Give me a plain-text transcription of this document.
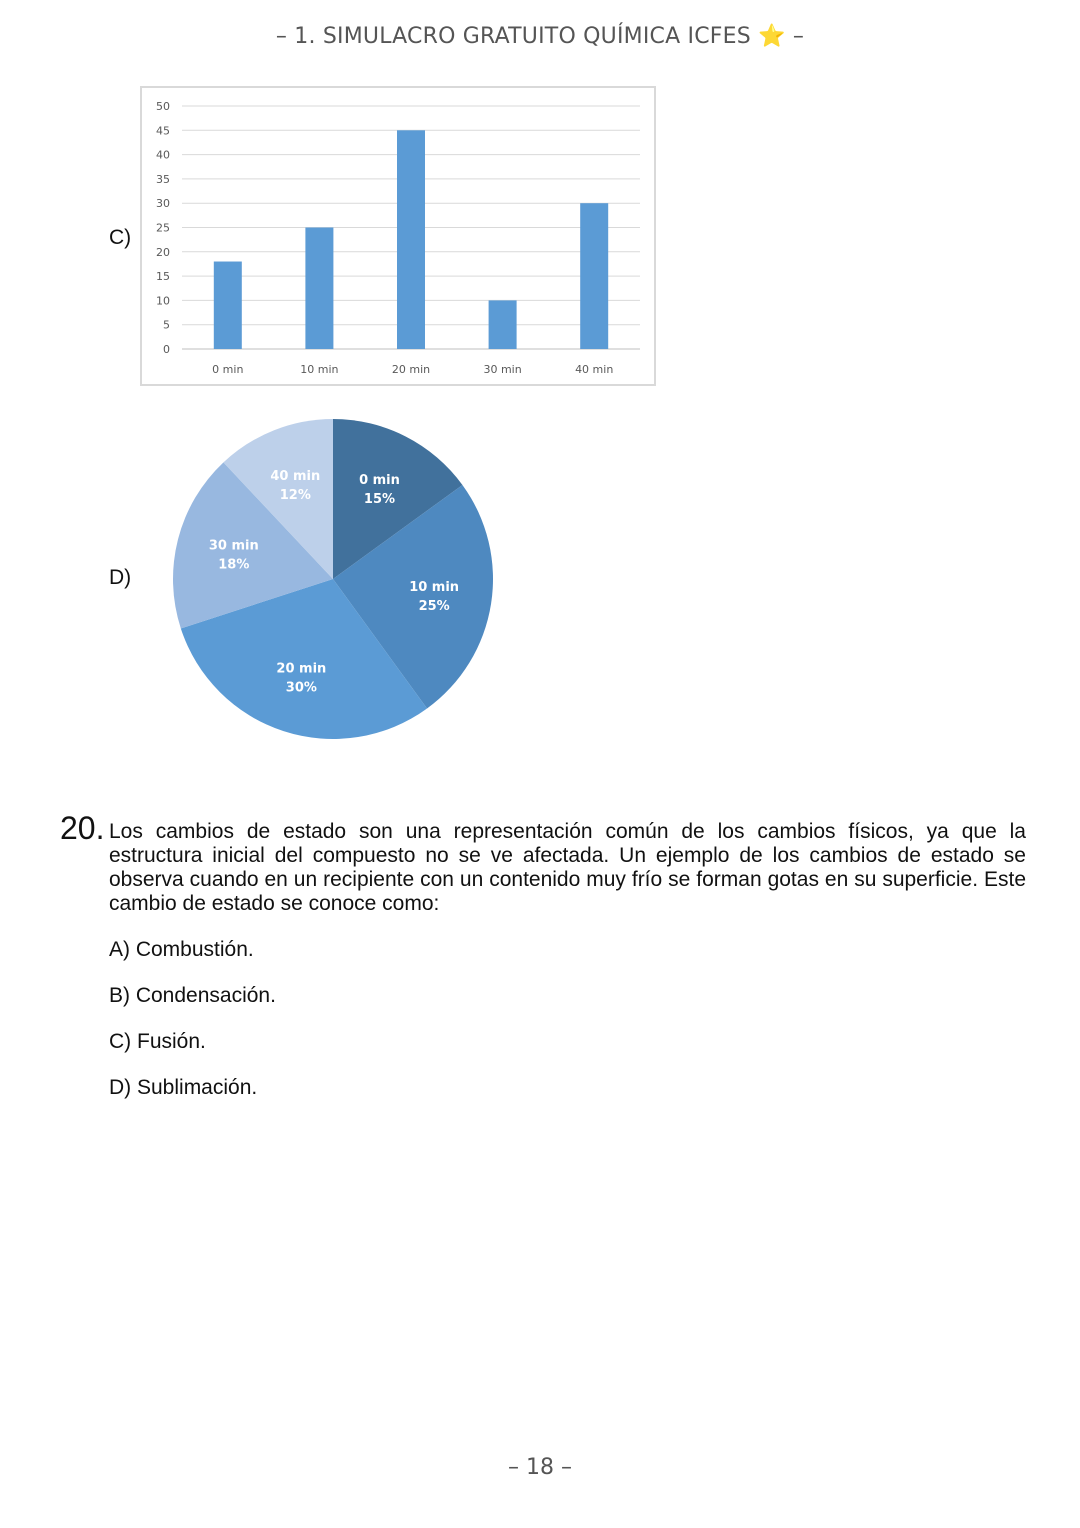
– 1. SIMULACRO GRATUITO QUÍMICA ICFES ⭐ –
C)
0
5
10
15
20
25
30
35
40
45
50
0 min	10 min	20 min	30 min	40 min
D)
0 min
15%
10 min
25%
20 min
30%
30 min
18%
40 min
12%
20. Los cambios de estado son una representación común de los cambios físicos, ya que la estructura inicial del compuesto no se ve afectada. Un ejemplo de los cambios de estado se observa cuando en un recipiente con un contenido muy frío se forman gotas en su superficie. Este cambio de estado se conoce como:
A) Combustión.
B) Condensación.
C) Fusión.
D) Sublimación.
– 18 –
